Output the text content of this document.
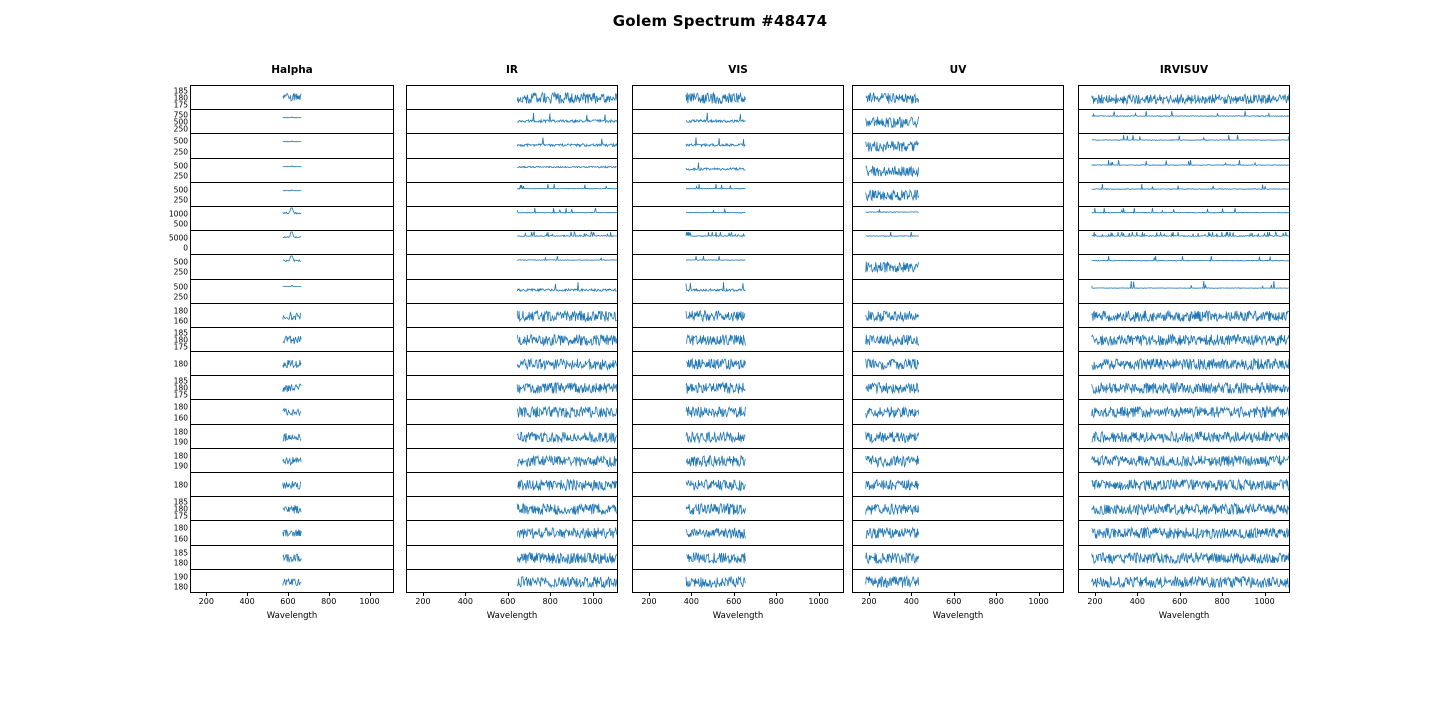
Golem Spectrum #48474
Halpha
185
180
175
750
500
250
500
250
500
250
500
250
1000
500
5000
0
500
250
500
250
180
160
185
180
175
180
185
180
175
180
160
180
190
180
190
180
185
180
175
180
160
185
180
190
180
200	400	600	800	1000
Wavelength
IR
200	400	600	800	1000
Wavelength
VIS
200	400	600	800	1000
Wavelength
UV
200	400	600	800	1000
Wavelength
IRVISUV
200	400	600	800	1000
Wavelength
